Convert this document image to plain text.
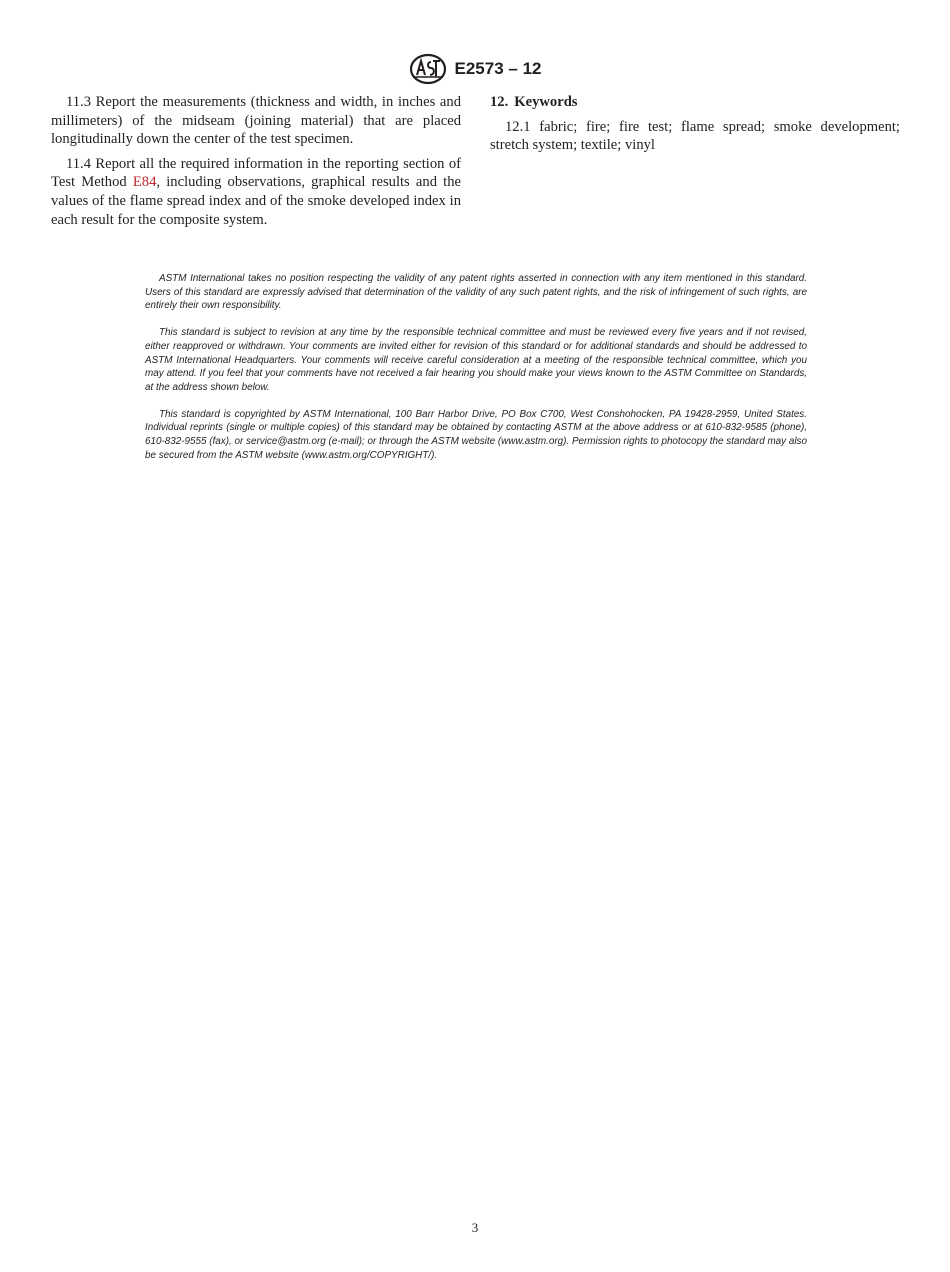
E2573 – 12

11.3 Report the measurements (thickness and width, in inches and millimeters) of the midseam (joining material) that are placed longitudinally down the center of the test specimen.

11.4 Report all the required information in the reporting section of Test Method E84, including observations, graphical results and the values of the flame spread index and of the smoke developed index in each result for the composite system.

12. Keywords

12.1 fabric; fire; fire test; flame spread; smoke development; stretch system; textile; vinyl

ASTM International takes no position respecting the validity of any patent rights asserted in connection with any item mentioned in this standard. Users of this standard are expressly advised that determination of the validity of any such patent rights, and the risk of infringement of such rights, are entirely their own responsibility.

This standard is subject to revision at any time by the responsible technical committee and must be reviewed every five years and if not revised, either reapproved or withdrawn. Your comments are invited either for revision of this standard or for additional standards and should be addressed to ASTM International Headquarters. Your comments will receive careful consideration at a meeting of the responsible technical committee, which you may attend. If you feel that your comments have not received a fair hearing you should make your views known to the ASTM Committee on Standards, at the address shown below.

This standard is copyrighted by ASTM International, 100 Barr Harbor Drive, PO Box C700, West Conshohocken, PA 19428-2959, United States. Individual reprints (single or multiple copies) of this standard may be obtained by contacting ASTM at the above address or at 610-832-9585 (phone), 610-832-9555 (fax), or service@astm.org (e-mail); or through the ASTM website (www.astm.org). Permission rights to photocopy the standard may also be secured from the ASTM website (www.astm.org/COPYRIGHT/).

3
